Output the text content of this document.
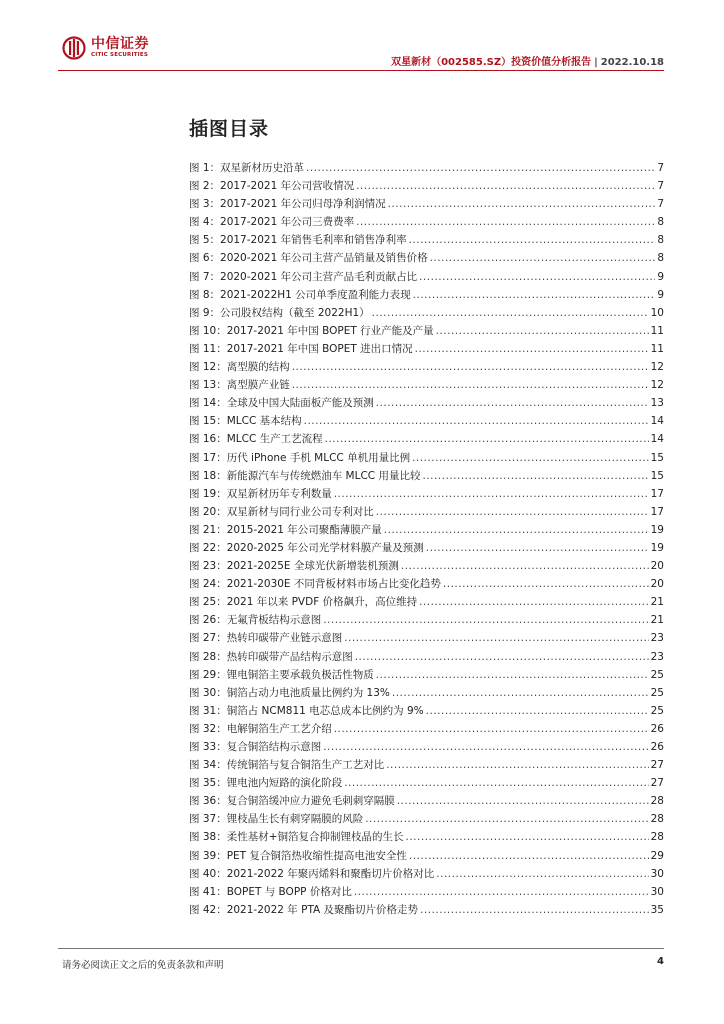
中信证券
CITIC SECURITIES
双星新材（002585.SZ）投资价值分析报告 | 2022.10.18
插图目录
图 1：双星新材历史沿革 .....	7
图 2：2017-2021 年公司营收情况 .....	7
图 3：2017-2021 年公司归母净利润情况 .....	7
图 4：2017-2021 年公司三费费率 .....	8
图 5：2017-2021 年销售毛利率和销售净利率 .....	8
图 6：2020-2021 年公司主营产品销量及销售价格 .....	8
图 7：2020-2021 年公司主营产品毛利贡献占比 .....	9
图 8：2021-2022H1 公司单季度盈利能力表现 .....	9
图 9：公司股权结构（截至 2022H1） .....	10
图 10：2017-2021 年中国 BOPET 行业产能及产量 .....	11
图 11：2017-2021 年中国 BOPET 进出口情况 .....	11
图 12：离型膜的结构 .....	12
图 13：离型膜产业链 .....	12
图 14：全球及中国大陆面板产能及预测 .....	13
图 15：MLCC 基本结构 .....	14
图 16：MLCC 生产工艺流程 .....	14
图 17：历代 iPhone 手机 MLCC 单机用量比例 .....	15
图 18：新能源汽车与传统燃油车 MLCC 用量比较 .....	15
图 19：双星新材历年专利数量 .....	17
图 20：双星新材与同行业公司专利对比 .....	17
图 21：2015-2021 年公司聚酯薄膜产量 .....	19
图 22：2020-2025 年公司光学材料膜产量及预测 .....	19
图 23：2021-2025E 全球光伏新增装机预测 .....	20
图 24：2021-2030E 不同背板材料市场占比变化趋势 .....	20
图 25：2021 年以来 PVDF 价格飙升，高位维持 .....	21
图 26：无氟背板结构示意图 .....	21
图 27：热转印碳带产业链示意图 .....	23
图 28：热转印碳带产品结构示意图 .....	23
图 29：锂电铜箔主要承载负极活性物质 .....	25
图 30：铜箔占动力电池质量比例约为 13% .....	25
图 31：铜箔占 NCM811 电芯总成本比例约为 9% .....	25
图 32：电解铜箔生产工艺介绍 .....	26
图 33：复合铜箔结构示意图 .....	26
图 34：传统铜箔与复合铜箔生产工艺对比 .....	27
图 35：锂电池内短路的演化阶段 .....	27
图 36：复合铜箔缓冲应力避免毛刺刺穿隔膜 .....	28
图 37：锂枝晶生长有刺穿隔膜的风险 .....	28
图 38：柔性基材+铜箔复合抑制锂枝晶的生长 .....	28
图 39：PET 复合铜箔热收缩性提高电池安全性 .....	29
图 40：2021-2022 年聚丙烯料和聚酯切片价格对比 .....	30
图 41：BOPET 与 BOPP 价格对比 .....	30
图 42：2021-2022 年 PTA 及聚酯切片价格走势 .....	35
请务必阅读正文之后的免责条款和声明	4
